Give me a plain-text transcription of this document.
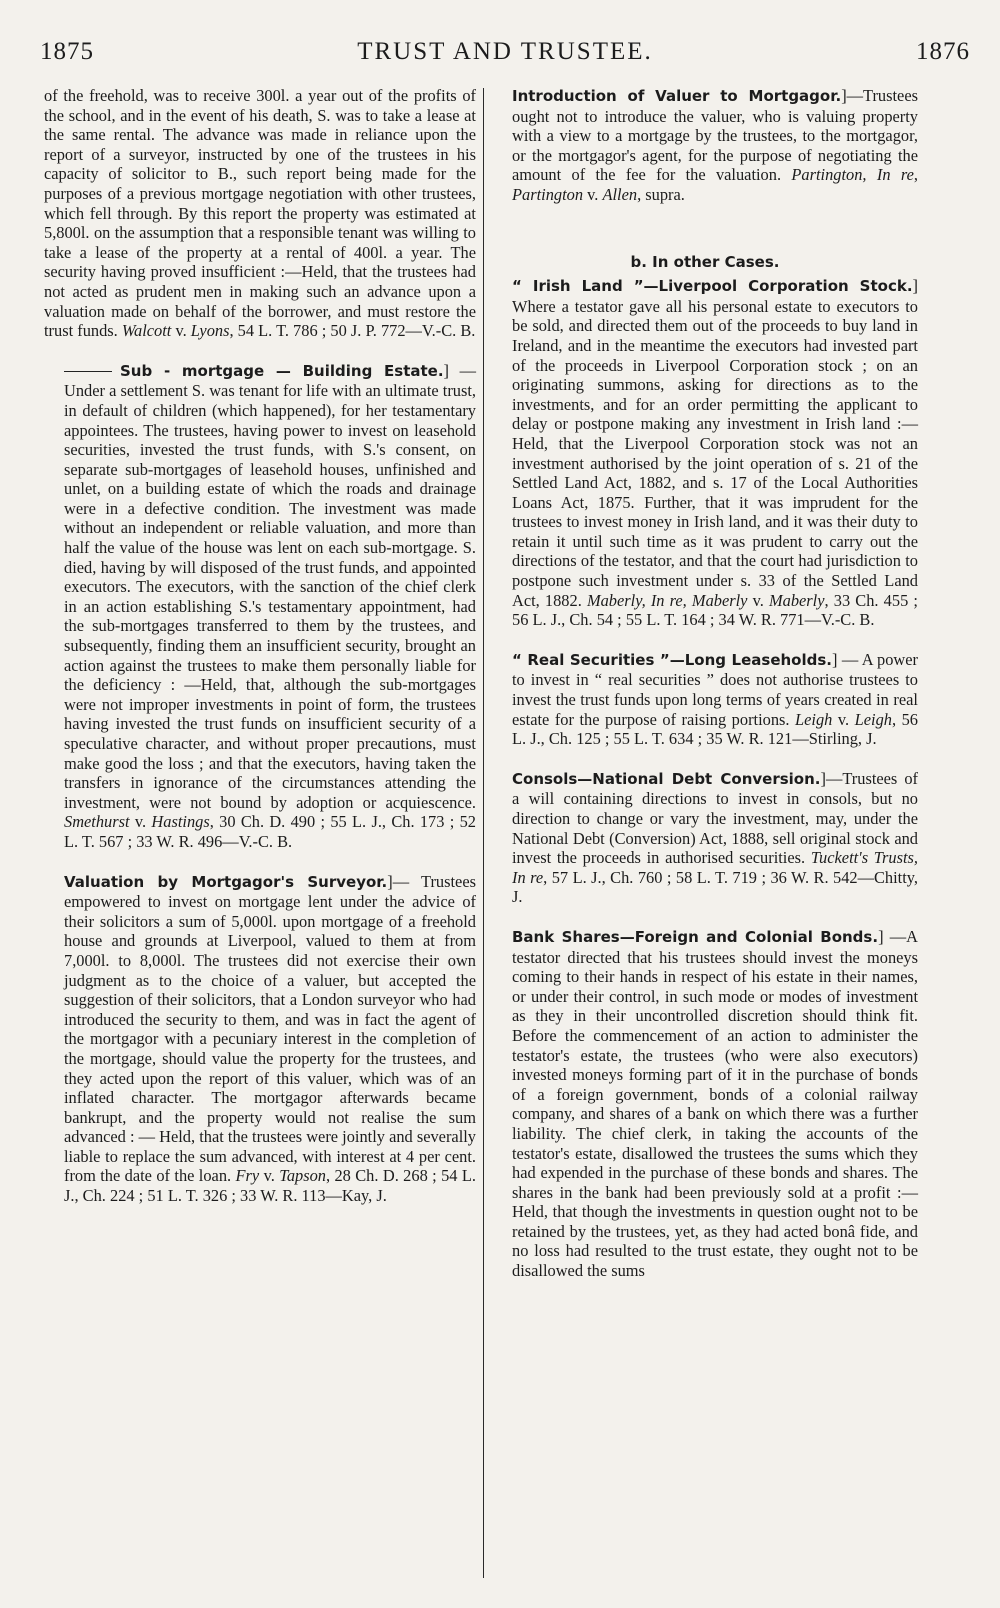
1875	TRUST AND TRUSTEE.	1876

of the freehold, was to receive 300l. a year out of the profits of the school, and in the event of his death, S. was to take a lease at the same rental. The advance was made in reliance upon the report of a surveyor, instructed by one of the trustees in his capacity of solicitor to B., such report being made for the purposes of a previous mortgage negotiation with other trustees, which fell through. By this report the property was estimated at 5,800l. on the assumption that a responsible tenant was willing to take a lease of the property at a rental of 400l. a year. The security having proved insufficient :—Held, that the trustees had not acted as prudent men in making such an advance upon a valuation made on behalf of the borrower, and must restore the trust funds. Walcott v. Lyons, 54 L. T. 786 ; 50 J. P. 772—V.-C. B.

Sub - mortgage — Building Estate.] — Under a settlement S. was tenant for life with an ultimate trust, in default of children (which happened), for her testamentary appointees. The trustees, having power to invest on leasehold securities, invested the trust funds, with S.'s consent, on separate sub-mortgages of leasehold houses, unfinished and unlet, on a building estate of which the roads and drainage were in a defective condition. The investment was made without an independent or reliable valuation, and more than half the value of the house was lent on each sub-mortgage. S. died, having by will disposed of the trust funds, and appointed executors. The executors, with the sanction of the chief clerk in an action establishing S.'s testamentary appointment, had the sub-mortgages transferred to them by the trustees, and subsequently, finding them an insufficient security, brought an action against the trustees to make them personally liable for the deficiency : —Held, that, although the sub-mortgages were not improper investments in point of form, the trustees having invested the trust funds on insufficient security of a speculative character, and without proper precautions, must make good the loss ; and that the executors, having taken the transfers in ignorance of the circumstances attending the investment, were not bound by adoption or acquiescence. Smethurst v. Hastings, 30 Ch. D. 490 ; 55 L. J., Ch. 173 ; 52 L. T. 567 ; 33 W. R. 496—V.-C. B.

Valuation by Mortgagor's Surveyor.]— Trustees empowered to invest on mortgage lent under the advice of their solicitors a sum of 5,000l. upon mortgage of a freehold house and grounds at Liverpool, valued to them at from 7,000l. to 8,000l. The trustees did not exercise their own judgment as to the choice of a valuer, but accepted the suggestion of their solicitors, that a London surveyor who had introduced the security to them, and was in fact the agent of the mortgagor with a pecuniary interest in the completion of the mortgage, should value the property for the trustees, and they acted upon the report of this valuer, which was of an inflated character. The mortgagor afterwards became bankrupt, and the property would not realise the sum advanced : — Held, that the trustees were jointly and severally liable to replace the sum advanced, with interest at 4 per cent. from the date of the loan. Fry v. Tapson, 28 Ch. D. 268 ; 54 L. J., Ch. 224 ; 51 L. T. 326 ; 33 W. R. 113—Kay, J.

Introduction of Valuer to Mortgagor.]—Trustees ought not to introduce the valuer, who is valuing property with a view to a mortgage by the trustees, to the mortgagor, or the mortgagor's agent, for the purpose of negotiating the amount of the fee for the valuation. Partington, In re, Partington v. Allen, supra.

b. In other Cases.

“ Irish Land ”—Liverpool Corporation Stock.] Where a testator gave all his personal estate to executors to be sold, and directed them out of the proceeds to buy land in Ireland, and in the meantime the executors had invested part of the proceeds in Liverpool Corporation stock ; on an originating summons, asking for directions as to the investments, and for an order permitting the applicant to delay or postpone making any investment in Irish land :—Held, that the Liverpool Corporation stock was not an investment authorised by the joint operation of s. 21 of the Settled Land Act, 1882, and s. 17 of the Local Authorities Loans Act, 1875. Further, that it was imprudent for the trustees to invest money in Irish land, and it was their duty to retain it until such time as it was prudent to carry out the directions of the testator, and that the court had jurisdiction to postpone such investment under s. 33 of the Settled Land Act, 1882. Maberly, In re, Maberly v. Maberly, 33 Ch. 455 ; 56 L. J., Ch. 54 ; 55 L. T. 164 ; 34 W. R. 771—V.-C. B.

“ Real Securities ”—Long Leaseholds.] — A power to invest in “ real securities ” does not authorise trustees to invest the trust funds upon long terms of years created in real estate for the purpose of raising portions. Leigh v. Leigh, 56 L. J., Ch. 125 ; 55 L. T. 634 ; 35 W. R. 121—Stirling, J.

Consols—National Debt Conversion.]—Trustees of a will containing directions to invest in consols, but no direction to change or vary the investment, may, under the National Debt (Conversion) Act, 1888, sell original stock and invest the proceeds in authorised securities. Tuckett's Trusts, In re, 57 L. J., Ch. 760 ; 58 L. T. 719 ; 36 W. R. 542—Chitty, J.

Bank Shares—Foreign and Colonial Bonds.] —A testator directed that his trustees should invest the moneys coming to their hands in respect of his estate in their names, or under their control, in such mode or modes of investment as they in their uncontrolled discretion should think fit. Before the commencement of an action to administer the testator's estate, the trustees (who were also executors) invested moneys forming part of it in the purchase of bonds of a foreign government, bonds of a colonial railway company, and shares of a bank on which there was a further liability. The chief clerk, in taking the accounts of the testator's estate, disallowed the trustees the sums which they had expended in the purchase of these bonds and shares. The shares in the bank had been previously sold at a profit :—Held, that though the investments in question ought not to be retained by the trustees, yet, as they had acted bonâ fide, and no loss had resulted to the trust estate, they ought not to be disallowed the sums
